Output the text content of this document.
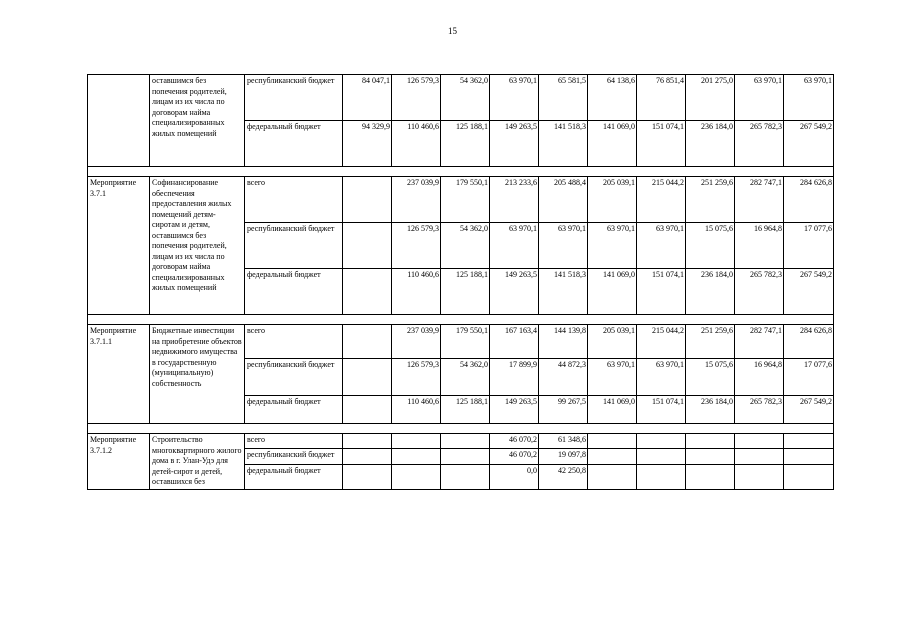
15
	оставшимся без попечения родителей, лицам из их числа по договорам найма специализированных жилых помещений	республиканский бюджет	84 047,1	126 579,3	54 362,0	63 970,1	65 581,5	64 138,6	76 851,4	201 275,0	63 970,1	63 970,1
		федеральный бюджет	94 329,9	110 460,6	125 188,1	149 263,5	141 518,3	141 069,0	151 074,1	236 184,0	265 782,3	267 549,2

Мероприятие 3.7.1	Софинансирование обеспечения предоставления жилых помещений детям-сиротам и детям, оставшимся без попечения родителей, лицам из их числа по договорам найма специализированных жилых помещений	всего		237 039,9	179 550,1	213 233,6	205 488,4	205 039,1	215 044,2	251 259,6	282 747,1	284 626,8
		республиканский бюджет		126 579,3	54 362,0	63 970,1	63 970,1	63 970,1	63 970,1	15 075,6	16 964,8	17 077,6
		федеральный бюджет		110 460,6	125 188,1	149 263,5	141 518,3	141 069,0	151 074,1	236 184,0	265 782,3	267 549,2

Мероприятие 3.7.1.1	Бюджетные инвестиции на приобретение объектов недвижимого имущества в государственную (муниципальную) собственность	всего		237 039,9	179 550,1	167 163,4	144 139,8	205 039,1	215 044,2	251 259,6	282 747,1	284 626,8
		республиканский бюджет		126 579,3	54 362,0	17 899,9	44 872,3	63 970,1	63 970,1	15 075,6	16 964,8	17 077,6
		федеральный бюджет		110 460,6	125 188,1	149 263,5	99 267,5	141 069,0	151 074,1	236 184,0	265 782,3	267 549,2

Мероприятие 3.7.1.2	Строительство многоквартирного жилого дома в г. Улан-Удэ для детей-сирот и детей, оставшихся без	всего				46 070,2	61 348,6					
		республиканский бюджет				46 070,2	19 097,8					
		федеральный бюджет				0,0	42 250,8					
